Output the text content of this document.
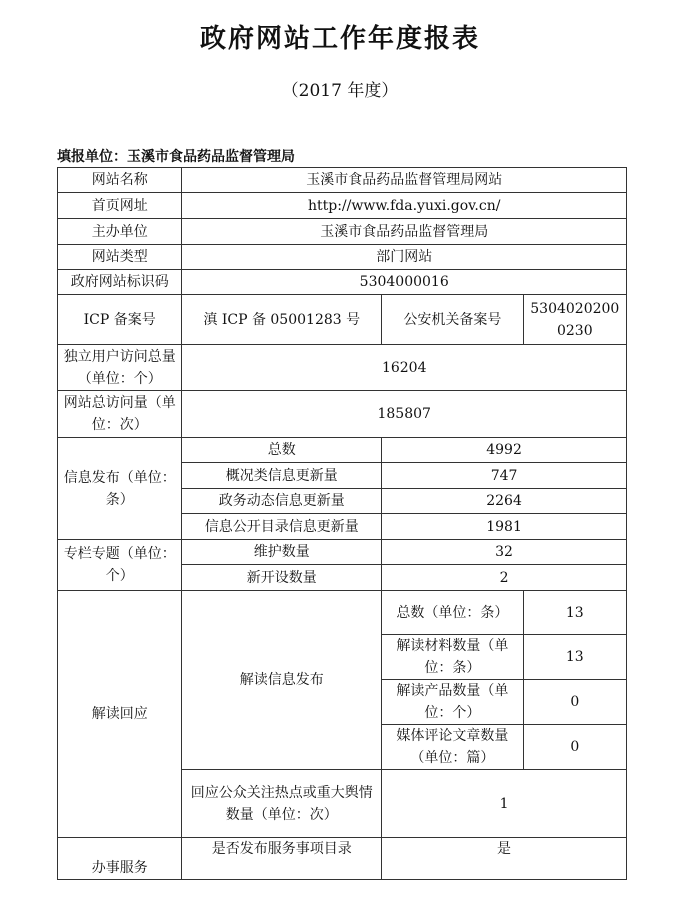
政府网站工作年度报表
（2017 年度）
填报单位：玉溪市食品药品监督管理局
网站名称	玉溪市食品药品监督管理局网站		
首页网址	http://www.fda.yuxi.gov.cn/		
主办单位	玉溪市食品药品监督管理局		
网站类型	部门网站		
政府网站标识码	5304000016		
ICP 备案号	滇 ICP 备 05001283 号	公安机关备案号	53040202000230
独立用户访问总量（单位：个）	16204		
网站总访问量（单位：次）	185807		
信息发布（单位：条）	总数	4992	
	概况类信息更新量	747	
	政务动态信息更新量	2264	
	信息公开目录信息更新量	1981	
专栏专题（单位：个）	维护数量	32	
	新开设数量	2	
解读回应	解读信息发布	总数（单位：条）	13
		解读材料数量（单位：条）	13
		解读产品数量（单位：个）	0
		媒体评论文章数量（单位：篇）	0
	回应公众关注热点或重大舆情数量（单位：次）	1	
办事服务	是否发布服务事项目录	是	
